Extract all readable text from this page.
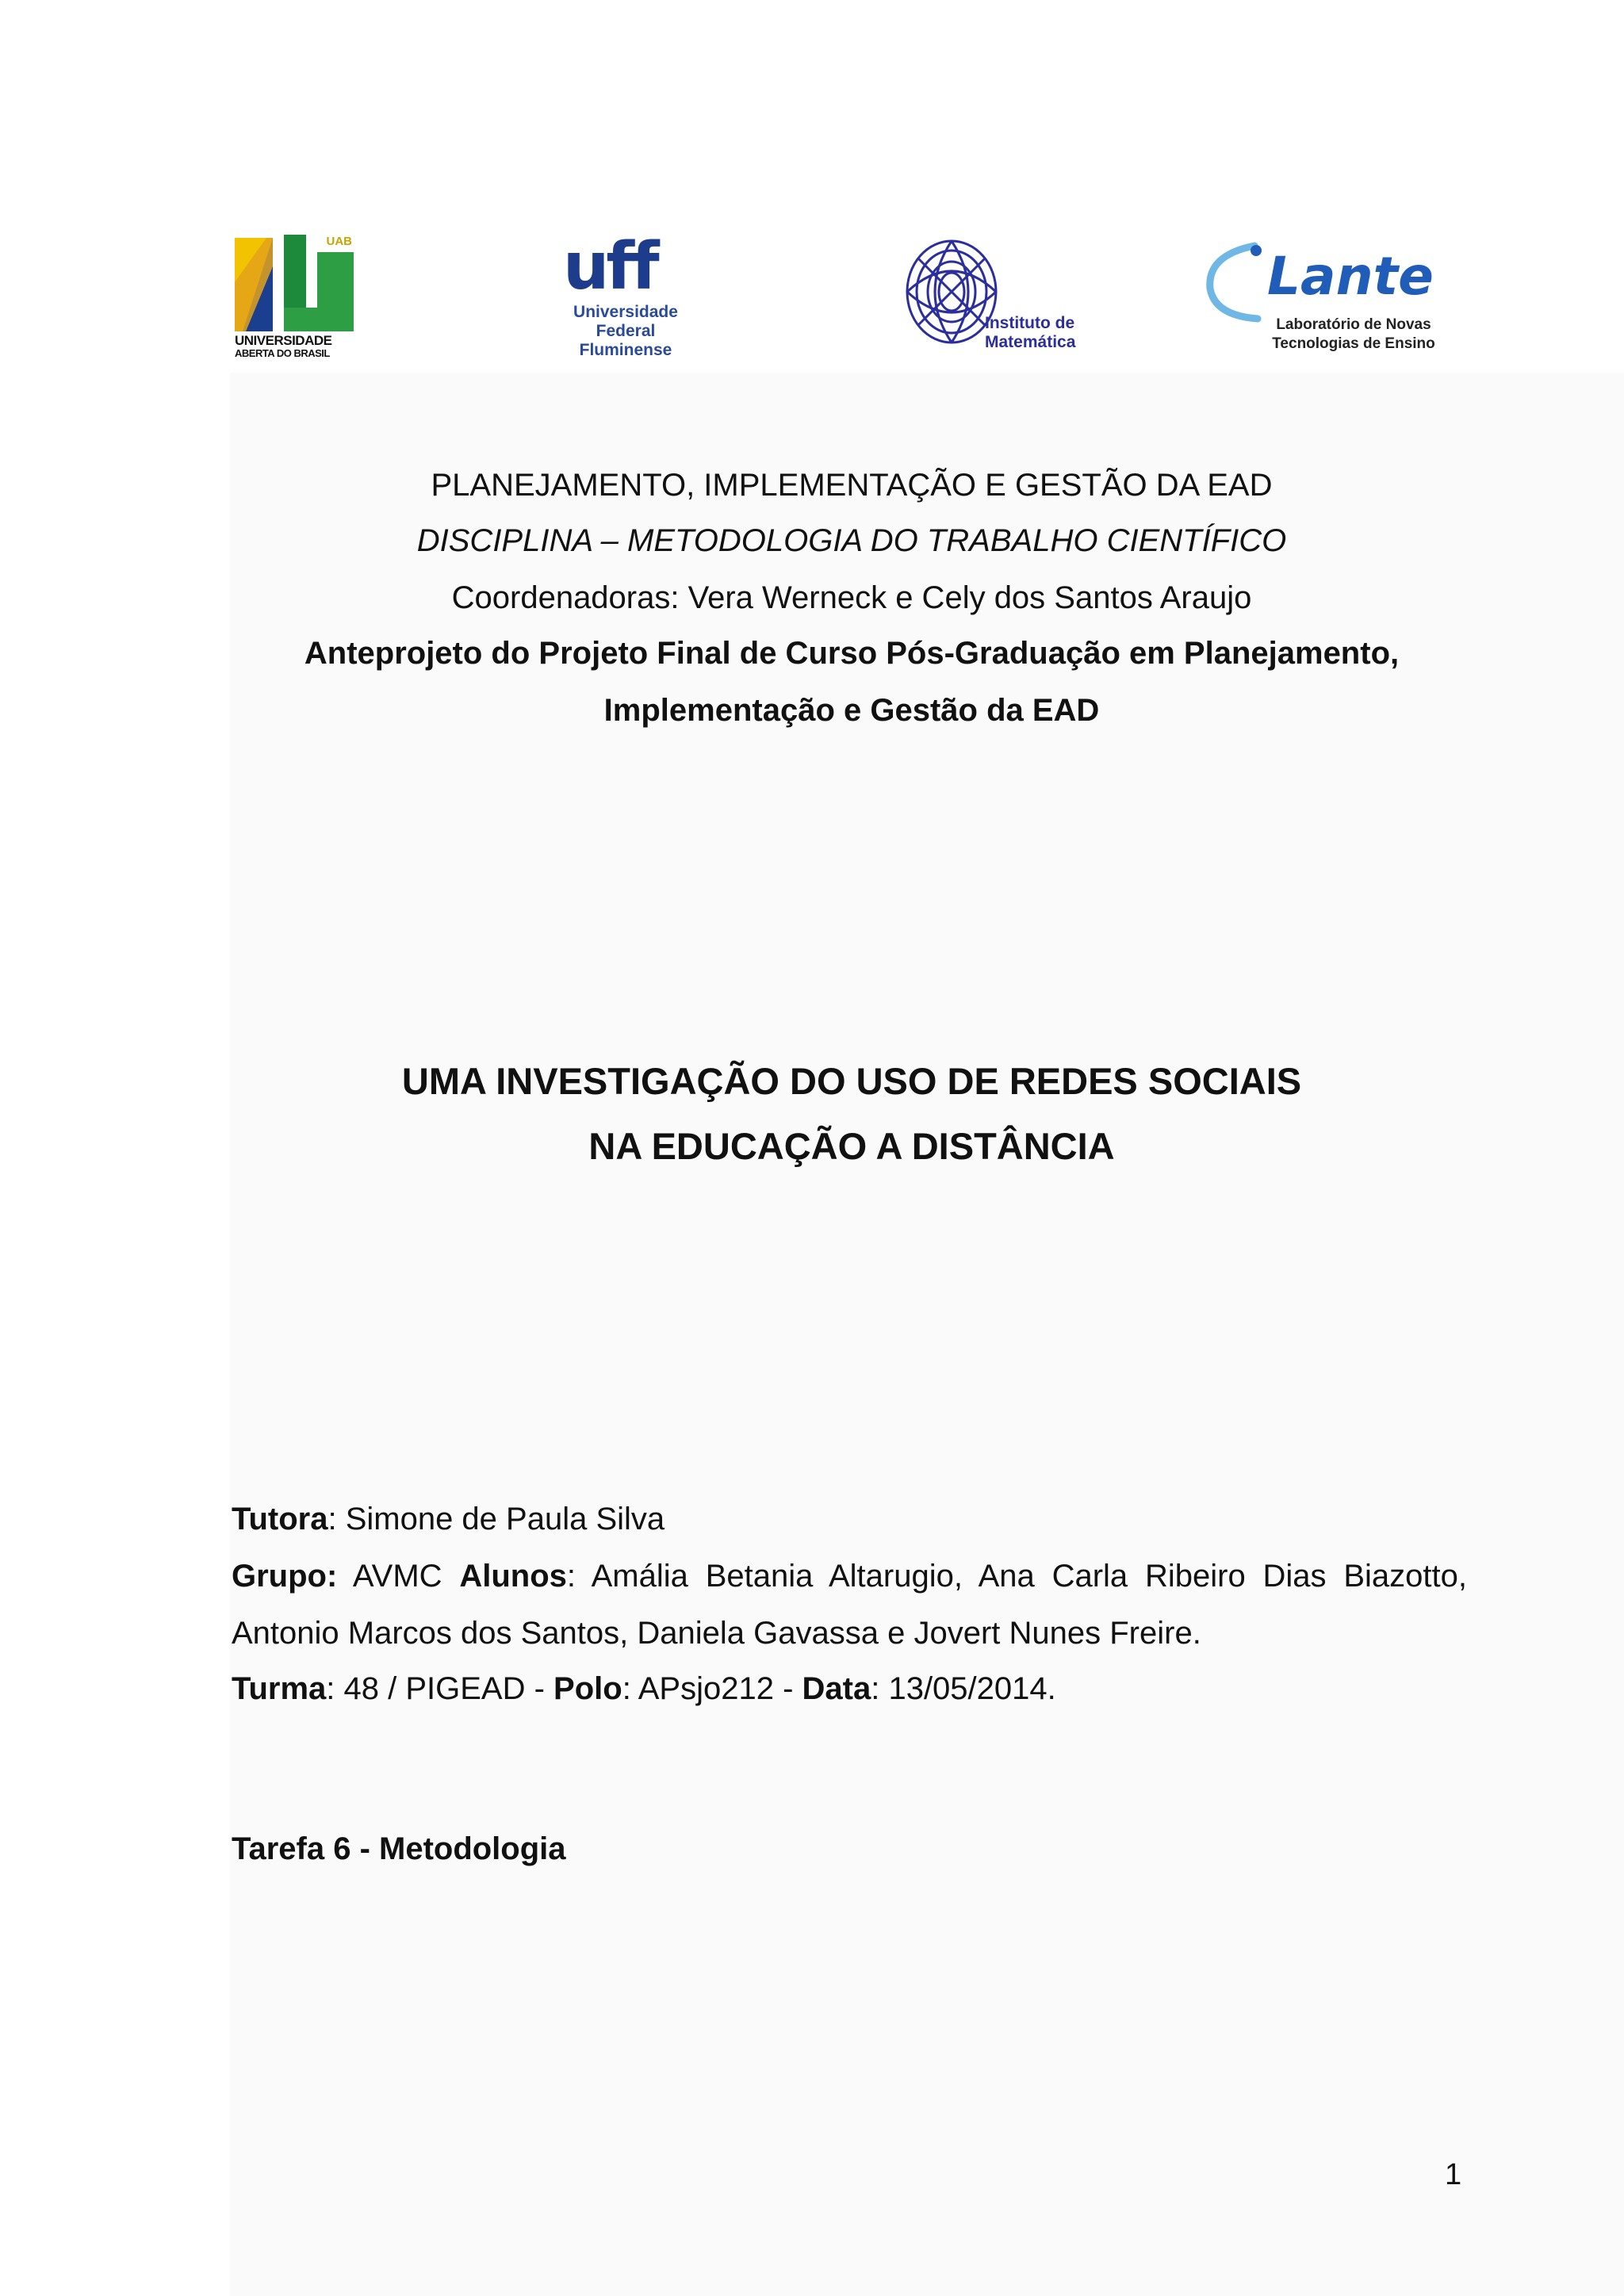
UAB
UNIVERSIDADE
ABERTA DO BRASIL
uff
Universidade
Federal
Fluminense
Instituto de
Matemática
Lante
Laboratório de Novas
Tecnologias de Ensino
PLANEJAMENTO, IMPLEMENTAÇÃO E GESTÃO DA EAD
DISCIPLINA – METODOLOGIA DO TRABALHO CIENTÍFICO
Coordenadoras: Vera Werneck e Cely dos Santos Araujo
Anteprojeto do Projeto Final de Curso Pós-Graduação em Planejamento,
Implementação e Gestão da EAD
UMA INVESTIGAÇÃO DO USO DE REDES SOCIAIS
NA EDUCAÇÃO A DISTÂNCIA
Tutora: Simone de Paula Silva
Grupo: AVMC Alunos: Amália Betania Altarugio, Ana Carla Ribeiro Dias Biazotto,
Antonio Marcos dos Santos, Daniela Gavassa e Jovert Nunes Freire.
Turma: 48 / PIGEAD - Polo: APsjo212 - Data: 13/05/2014.
Tarefa 6 - Metodologia
1
